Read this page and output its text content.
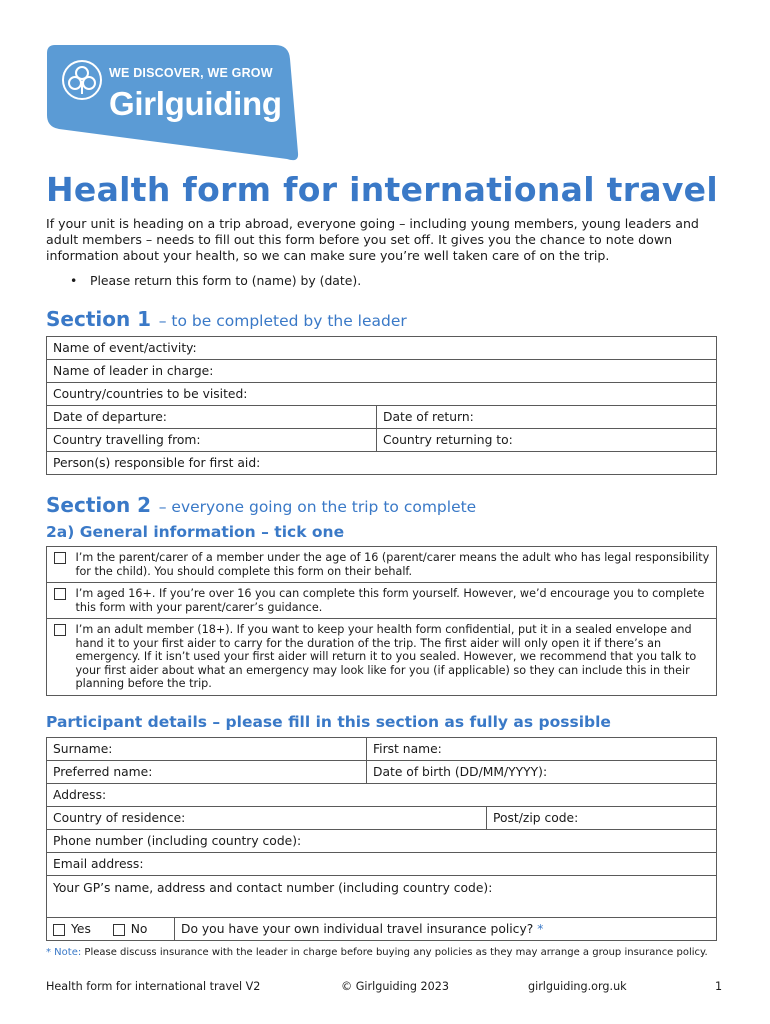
WE DISCOVER, WE GROW
Girlguiding
Health form for international travel

If your unit is heading on a trip abroad, everyone going – including young members, young leaders and adult members – needs to fill out this form before you set off. It gives you the chance to note down information about your health, so we can make sure you’re well taken care of on the trip.

• Please return this form to (name) by (date).
Section 1 – to be completed by the leader
Name of event/activity:	
Name of leader in charge:	
Country/countries to be visited:	
Date of departure:	Date of return:
Country travelling from:	Country returning to:
Person(s) responsible for first aid:	
Section 2 – everyone going on the trip to complete
2a) General information – tick one
	I’m the parent/carer of a member under the age of 16 (parent/carer means the adult who has legal responsibility for the child). You should complete this form on their behalf.
	I’m aged 16+. If you’re over 16 you can complete this form yourself. However, we’d encourage you to complete this form with your parent/carer’s guidance.
	I’m an adult member (18+). If you want to keep your health form confidential, put it in a sealed envelope and hand it to your first aider to carry for the duration of the trip. The first aider will only open it if there’s an emergency. If it isn’t used your first aider will return it to you sealed. However, we recommend that you talk to your first aider about what an emergency may look like for you (if applicable) so they can include this in their planning before the trip.
Participant details – please fill in this section as fully as possible
Surname:		First name:	
Preferred name:		Date of birth (DD/MM/YYYY):	
Address:			
Country of residence:			Post/zip code:
Phone number (including country code):			
Email address:			
Your GP’s name, address and contact number (including country code):			
Yes No	Do you have your own individual travel insurance policy? *		
* Note: Please discuss insurance with the leader in charge before buying any policies as they may arrange a group insurance policy.
Health form for international travel V2	© Girlguiding 2023	girlguiding.org.uk	1
